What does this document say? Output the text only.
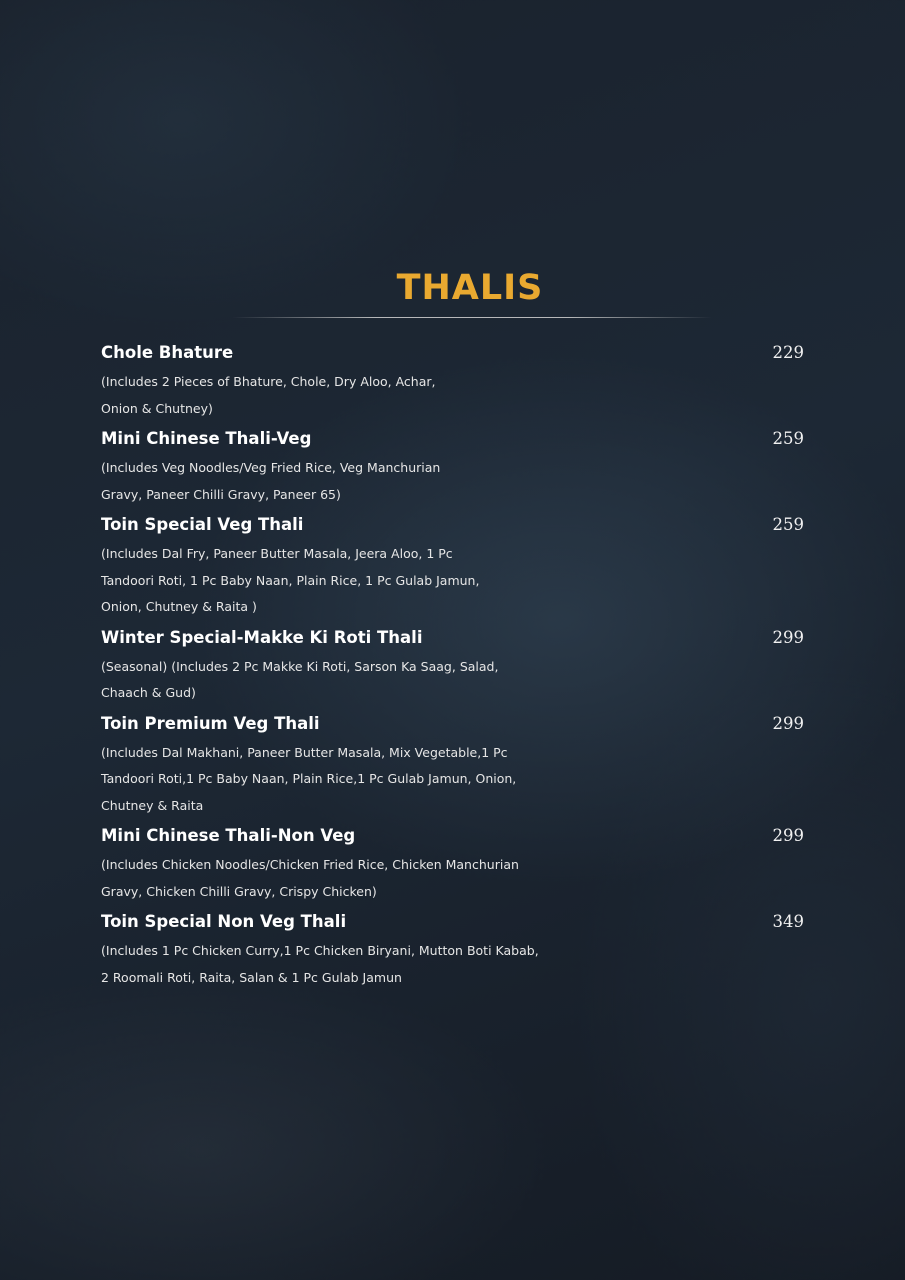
THALIS
Chole Bhature	229
(Includes 2 Pieces of Bhature, Chole, Dry Aloo, Achar,
Onion & Chutney)
Mini Chinese Thali-Veg	259
(Includes Veg Noodles/Veg Fried Rice, Veg Manchurian
Gravy, Paneer Chilli Gravy, Paneer 65)
Toin Special Veg Thali	259
(Includes Dal Fry, Paneer Butter Masala, Jeera Aloo, 1 Pc
Tandoori Roti, 1 Pc Baby Naan, Plain Rice, 1 Pc Gulab Jamun,
Onion, Chutney & Raita )
Winter Special-Makke Ki Roti Thali	299
(Seasonal) (Includes 2 Pc Makke Ki Roti, Sarson Ka Saag, Salad,
Chaach & Gud)
Toin Premium Veg Thali	299
(Includes Dal Makhani, Paneer Butter Masala, Mix Vegetable,1 Pc
Tandoori Roti,1 Pc Baby Naan, Plain Rice,1 Pc Gulab Jamun, Onion,
Chutney & Raita
Mini Chinese Thali-Non Veg	299
(Includes Chicken Noodles/Chicken Fried Rice, Chicken Manchurian
Gravy, Chicken Chilli Gravy, Crispy Chicken)
Toin Special Non Veg Thali	349
(Includes 1 Pc Chicken Curry,1 Pc Chicken Biryani, Mutton Boti Kabab,
2 Roomali Roti, Raita, Salan & 1 Pc Gulab Jamun
